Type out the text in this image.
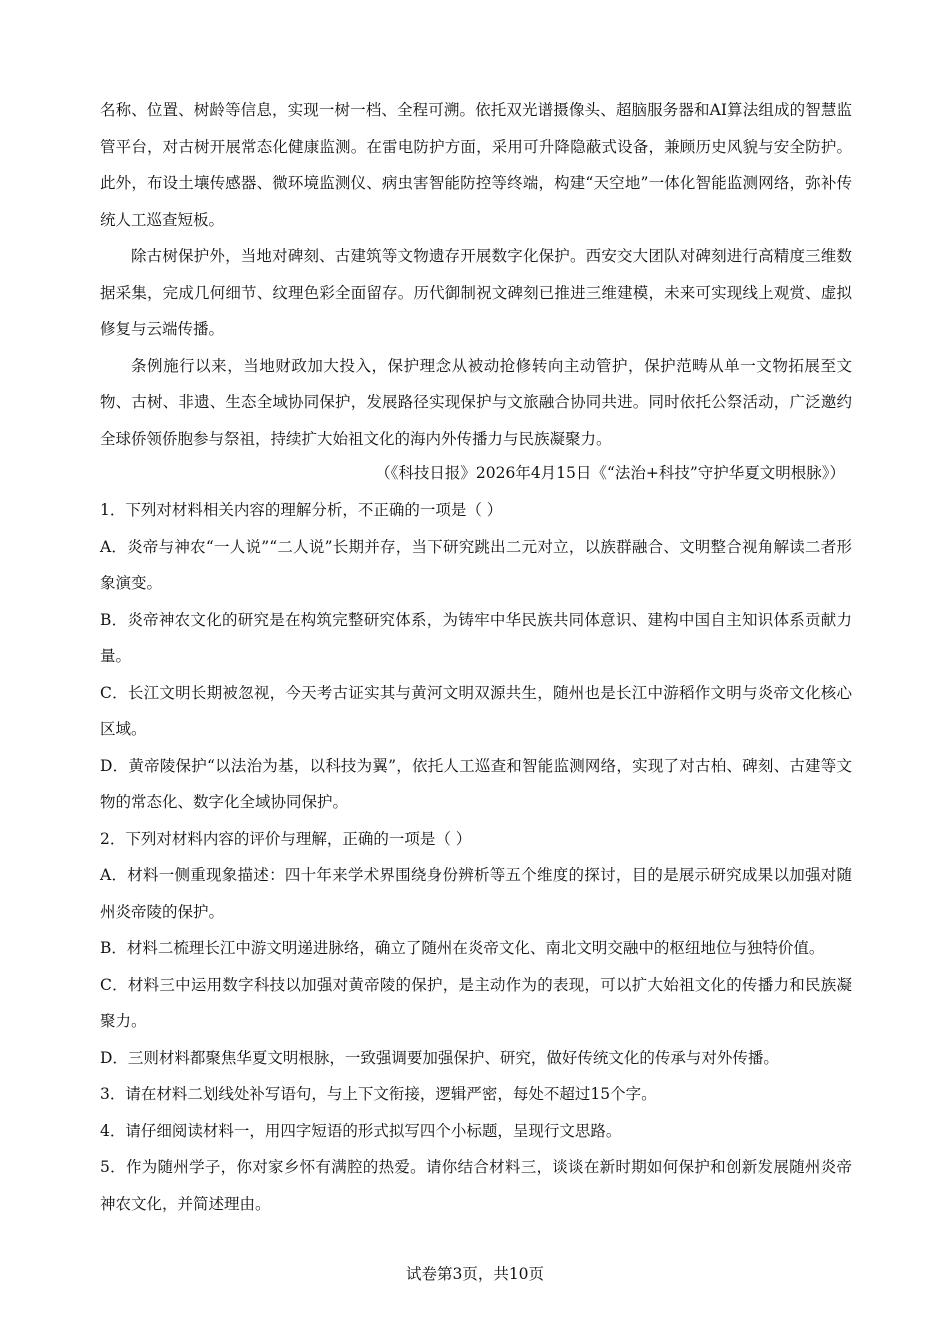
名称、位置、树龄等信息，实现一树一档、全程可溯。依托双光谱摄像头、超脑服务器和AI算法组成的智慧监管平台，对古树开展常态化健康监测。在雷电防护方面，采用可升降隐蔽式设备，兼顾历史风貌与安全防护。此外，布设土壤传感器、微环境监测仪、病虫害智能防控等终端，构建“天空地”一体化智能监测网络，弥补传统人工巡查短板。

除古树保护外，当地对碑刻、古建筑等文物遗存开展数字化保护。西安交大团队对碑刻进行高精度三维数据采集，完成几何细节、纹理色彩全面留存。历代御制祝文碑刻已推进三维建模，未来可实现线上观赏、虚拟修复与云端传播。

条例施行以来，当地财政加大投入，保护理念从被动抢修转向主动管护，保护范畴从单一文物拓展至文物、古树、非遗、生态全域协同保护，发展路径实现保护与文旅融合协同共进。同时依托公祭活动，广泛邀约全球侨领侨胞参与祭祖，持续扩大始祖文化的海内外传播力与民族凝聚力。

（《科技日报》2026年4月15日《“法治+科技”守护华夏文明根脉》）

1．下列对材料相关内容的理解分析，不正确的一项是（ ）

A．炎帝与神农“一人说”“二人说”长期并存，当下研究跳出二元对立，以族群融合、文明整合视角解读二者形象演变。

B．炎帝神农文化的研究是在构筑完整研究体系，为铸牢中华民族共同体意识、建构中国自主知识体系贡献力量。

C．长江文明长期被忽视，今天考古证实其与黄河文明双源共生，随州也是长江中游稻作文明与炎帝文化核心区域。

D．黄帝陵保护“以法治为基，以科技为翼”，依托人工巡查和智能监测网络，实现了对古柏、碑刻、古建等文物的常态化、数字化全域协同保护。

2．下列对材料内容的评价与理解，正确的一项是（ ）

A．材料一侧重现象描述：四十年来学术界围绕身份辨析等五个维度的探讨，目的是展示研究成果以加强对随州炎帝陵的保护。

B．材料二梳理长江中游文明递进脉络，确立了随州在炎帝文化、南北文明交融中的枢纽地位与独特价值。

C．材料三中运用数字科技以加强对黄帝陵的保护，是主动作为的表现，可以扩大始祖文化的传播力和民族凝聚力。

D．三则材料都聚焦华夏文明根脉，一致强调要加强保护、研究，做好传统文化的传承与对外传播。

3．请在材料二划线处补写语句，与上下文衔接，逻辑严密，每处不超过15个字。

4．请仔细阅读材料一，用四字短语的形式拟写四个小标题，呈现行文思路。

5．作为随州学子，你对家乡怀有满腔的热爱。请你结合材料三，谈谈在新时期如何保护和创新发展随州炎帝神农文化，并简述理由。

试卷第3页，共10页
